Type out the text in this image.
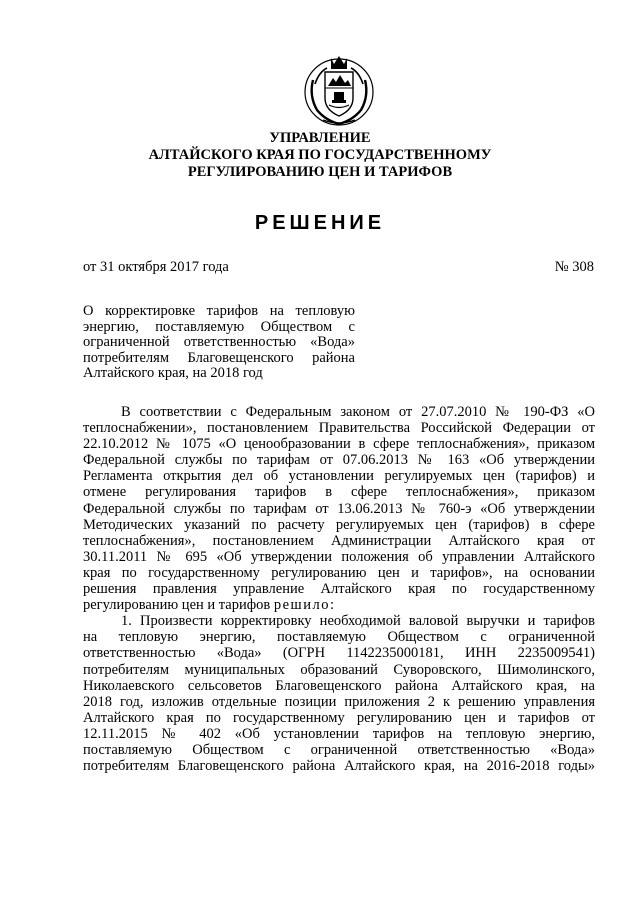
УПРАВЛЕНИЕ
АЛТАЙСКОГО КРАЯ ПО ГОСУДАРСТВЕННОМУ
РЕГУЛИРОВАНИЮ ЦЕН И ТАРИФОВ
РЕШЕНИЕ
от 31 октября 2017 года	№ 308
О корректировке тарифов на тепловую
энергию, поставляемую Обществом с
ограниченной ответственностью «Вода»
потребителям Благовещенского района
Алтайского края, на 2018 год
В соответствии с Федеральным законом от 27.07.2010 № 190-ФЗ «О
теплоснабжении», постановлением Правительства Российской Федерации от
22.10.2012 № 1075 «О ценообразовании в сфере теплоснабжения», приказом
Федеральной службы по тарифам от 07.06.2013 № 163 «Об утверждении
Регламента открытия дел об установлении регулируемых цен (тарифов) и
отмене регулирования тарифов в сфере теплоснабжения», приказом
Федеральной службы по тарифам от 13.06.2013 № 760-э «Об утверждении
Методических указаний по расчету регулируемых цен (тарифов) в сфере
теплоснабжения», постановлением Администрации Алтайского края от
30.11.2011 № 695 «Об утверждении положения об управлении Алтайского
края по государственному регулированию цен и тарифов», на основании
решения правления управление Алтайского края по государственному
регулированию цен и тарифов решило:
1. Произвести корректировку необходимой валовой выручки и тарифов
на тепловую энергию, поставляемую Обществом с ограниченной
ответственностью «Вода» (ОГРН 1142235000181, ИНН 2235009541)
потребителям муниципальных образований Суворовского, Шимолинского,
Николаевского сельсоветов Благовещенского района Алтайского края, на
2018 год, изложив отдельные позиции приложения 2 к решению управления
Алтайского края по государственному регулированию цен и тарифов от
12.11.2015 № 402 «Об установлении тарифов на тепловую энергию,
поставляемую Обществом с ограниченной ответственностью «Вода»
потребителям Благовещенского района Алтайского края, на 2016-2018 годы»
